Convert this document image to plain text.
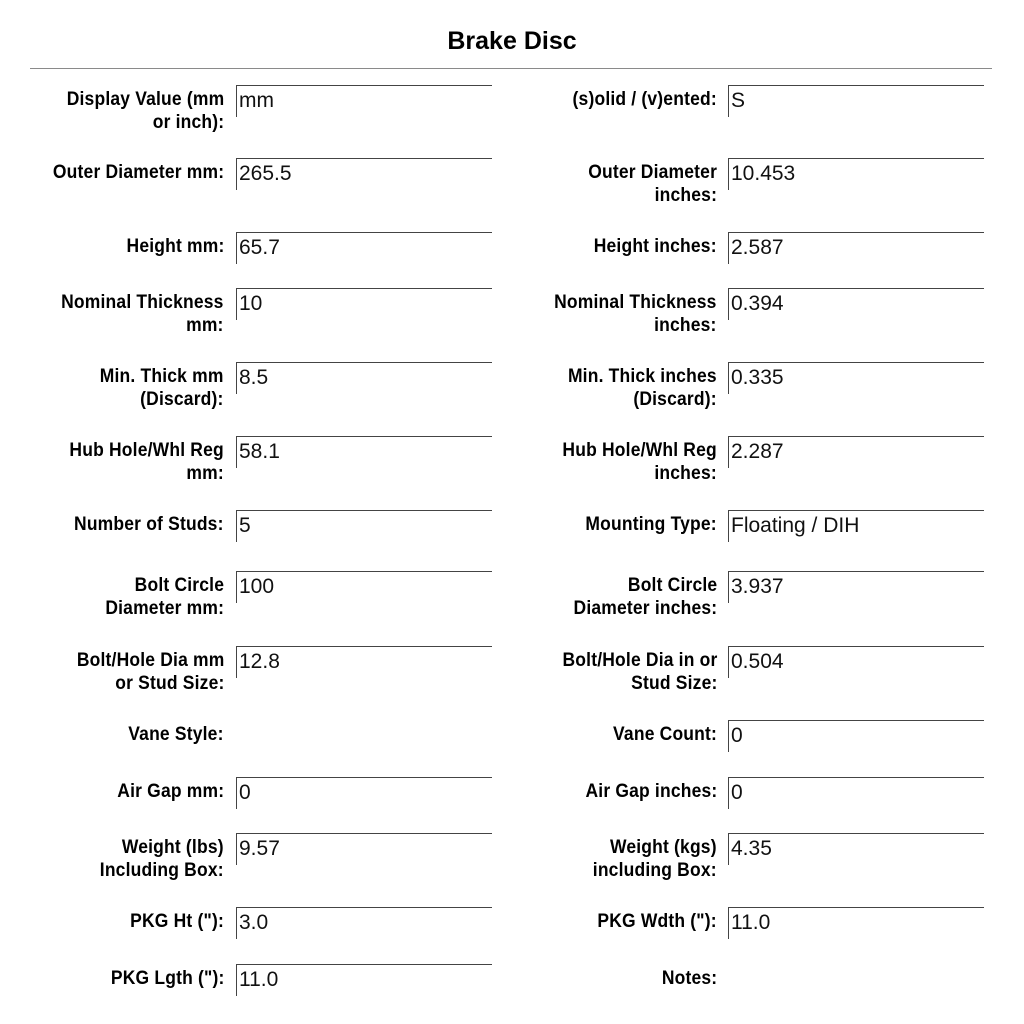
Brake Disc
Display Value (mm
or inch):
mm
Outer Diameter mm: 265.5
Height mm: 65.7
Nominal Thickness
mm:
10
Min. Thick mm
(Discard):
8.5
Hub Hole/Whl Reg
mm:
58.1
Number of Studs: 5
Bolt Circle
Diameter mm:
100
Bolt/Hole Dia mm
or Stud Size:
12.8
Vane Style:
Air Gap mm: 0
Weight (lbs)
Including Box:
9.57
PKG Ht ("): 3.0
PKG Lgth ("): 11.0
(s)olid / (v)ented: S
Outer Diameter
inches:
10.453
Height inches: 2.587
Nominal Thickness
inches:
0.394
Min. Thick inches
(Discard):
0.335
Hub Hole/Whl Reg
inches:
2.287
Mounting Type: Floating / DIH
Bolt Circle
Diameter inches:
3.937
Bolt/Hole Dia in or
Stud Size:
0.504
Vane Count: 0
Air Gap inches: 0
Weight (kgs)
including Box:
4.35
PKG Wdth ("): 11.0
Notes:
